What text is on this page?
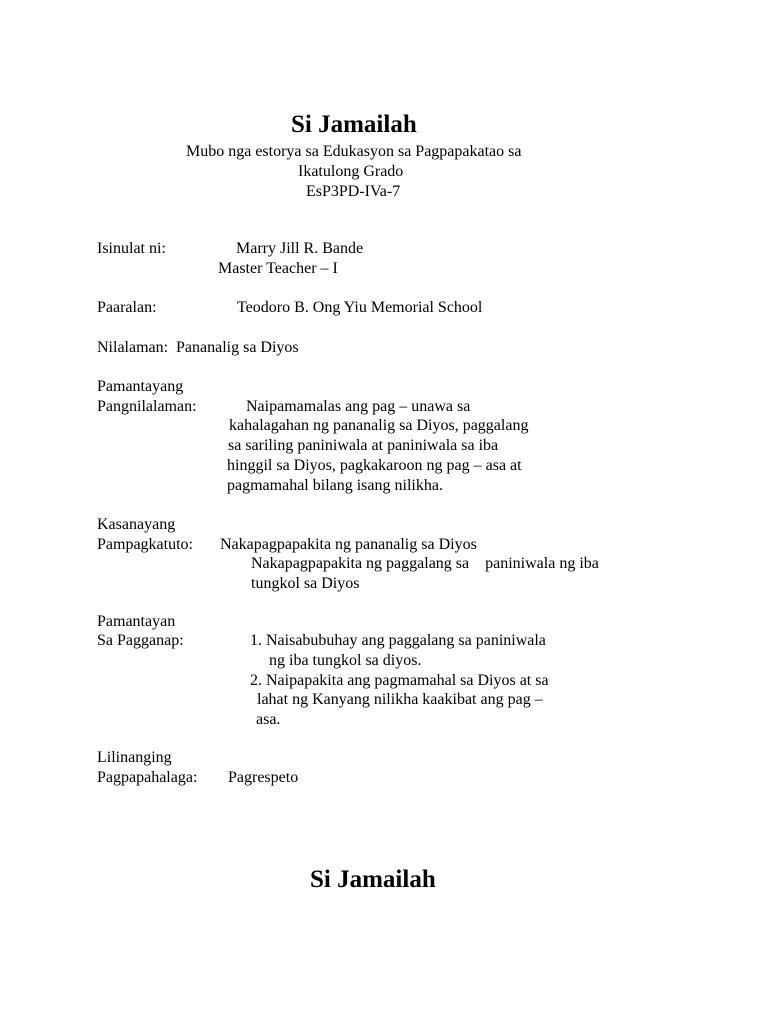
Si Jamailah
Mubo nga estorya sa Edukasyon sa Pagpapakatao sa
Ikatulong Grado
EsP3PD-IVa-7
Isinulat ni:	Marry Jill R. Bande
Master Teacher – I
Paaralan:	Teodoro B. Ong Yiu Memorial School
Nilalaman: Pananalig sa Diyos
Pamantayang
Pangnilalaman:	Naipamamalas ang pag – unawa sa
kahalagahan ng pananalig sa Diyos, paggalang
sa sariling paniniwala at paniniwala sa iba
hinggil sa Diyos, pagkakaroon ng pag – asa at
pagmamahal bilang isang nilikha.
Kasanayang
Pampagkatuto: Nakapagpapakita ng pananalig sa Diyos
Nakapagpapakita ng paggalang sa    paniniwala ng iba
tungkol sa Diyos
Pamantayan
Sa Pagganap:	1. Naisabubuhay ang paggalang sa paniniwala
ng iba tungkol sa diyos.
2. Naipapakita ang pagmamahal sa Diyos at sa
lahat ng Kanyang nilikha kaakibat ang pag –
asa.
Lilinanging
Pagpapahalaga: Pagrespeto
Si Jamailah
